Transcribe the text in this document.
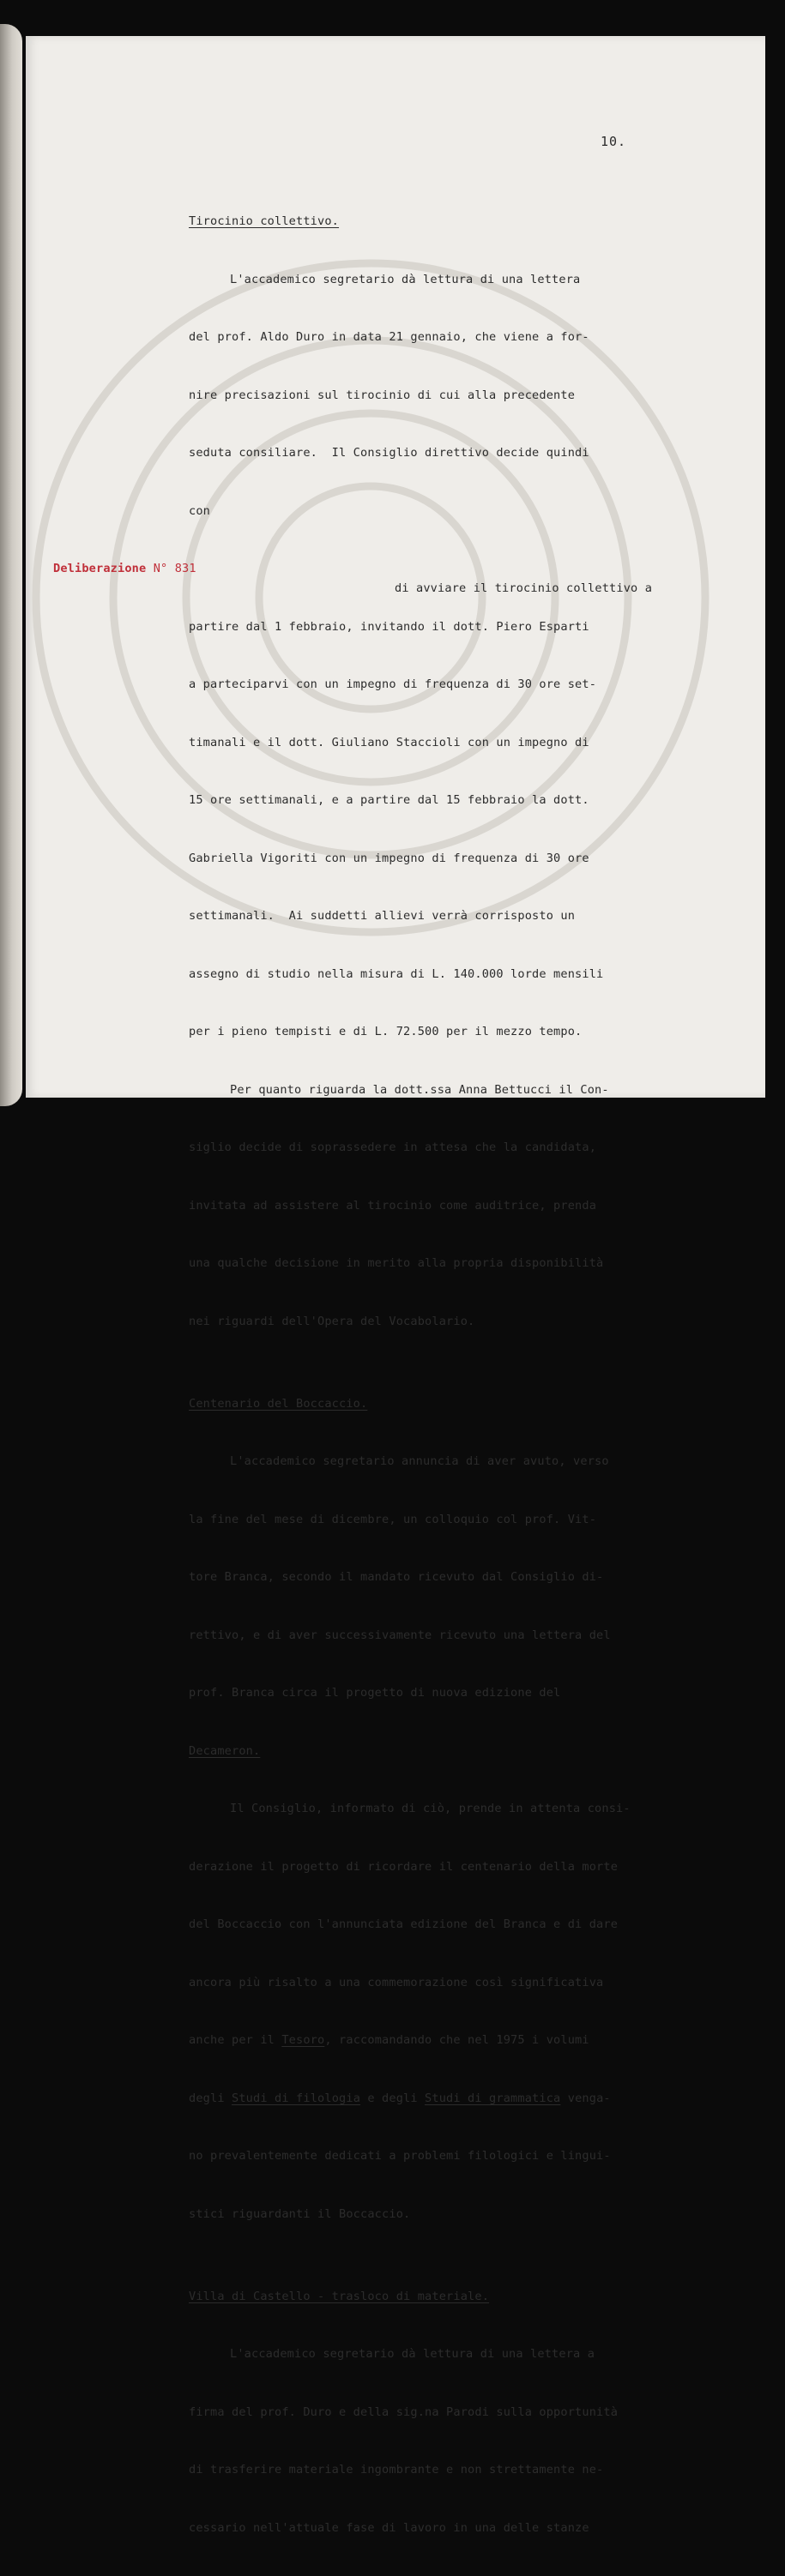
10.

Tirocinio collettivo.

L'accademico segretario dà lettura di una lettera

del prof. Aldo Duro in data 21 gennaio, che viene a for-

nire precisazioni sul tirocinio di cui alla precedente

seduta consiliare.  Il Consiglio direttivo decide quindi

con

Deliberazione N° 831
di avviare il tirocinio collettivo a

partire dal 1 febbraio, invitando il dott. Piero Esparti

a parteciparvi con un impegno di frequenza di 30 ore set-

timanali e il dott. Giuliano Staccioli con un impegno di

15 ore settimanali, e a partire dal 15 febbraio la dott.

Gabriella Vigoriti con un impegno di frequenza di 30 ore

settimanali.  Ai suddetti allievi verrà corrisposto un

assegno di studio nella misura di L. 140.000 lorde mensili

per i pieno tempisti e di L. 72.500 per il mezzo tempo.

Per quanto riguarda la dott.ssa Anna Bettucci il Con-

siglio decide di soprassedere in attesa che la candidata,

invitata ad assistere al tirocinio come auditrice, prenda

una qualche decisione in merito alla propria disponibilità

nei riguardi dell'Opera del Vocabolario.

Centenario del Boccaccio.

L'accademico segretario annuncia di aver avuto, verso

la fine del mese di dicembre, un colloquio col prof. Vit-

tore Branca, secondo il mandato ricevuto dal Consiglio di-

rettivo, e di aver successivamente ricevuto una lettera del

prof. Branca circa il progetto di nuova edizione del

Decameron.

Il Consiglio, informato di ciò, prende in attenta consi-

derazione il progetto di ricordare il centenario della morte

del Boccaccio con l'annunciata edizione del Branca e di dare

ancora più risalto a una commemorazione così significativa

anche per il Tesoro, raccomandando che nel 1975 i volumi

degli Studi di filologia e degli Studi di grammatica venga-

no prevalentemente dedicati a problemi filologici e lingui-

stici riguardanti il Boccaccio.

Villa di Castello - trasloco di materiale.

L'accademico segretario dà lettura di una lettera a

firma del prof. Duro e della sig.na Parodi sulla opportunità

di trasferire materiale ingombrante e non strettamente ne-

cessario nell'attuale fase di lavoro in una delle stanze
